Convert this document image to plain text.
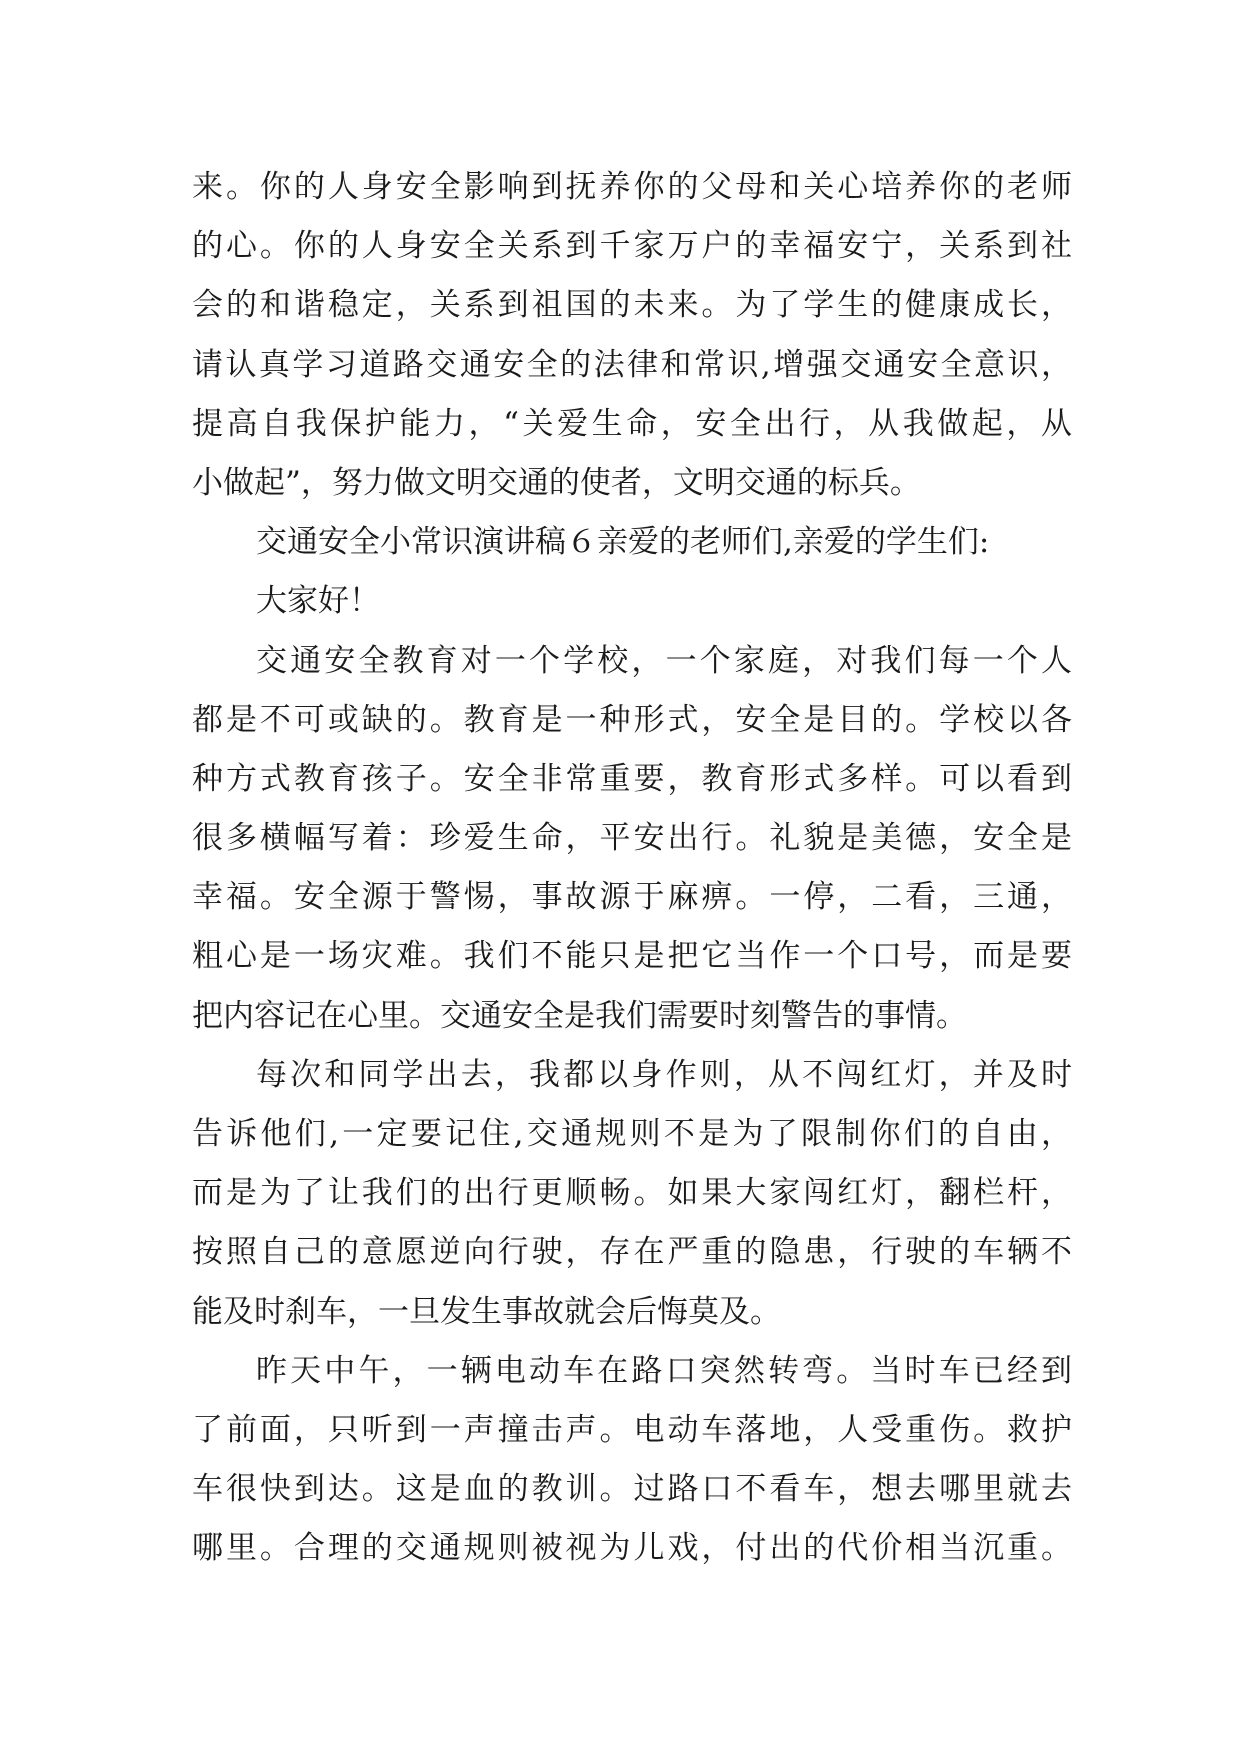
来。你的人身安全影响到抚养你的父母和关心培养你的老师
的心。你的人身安全关系到千家万户的幸福安宁，关系到社
会的和谐稳定，关系到祖国的未来。为了学生的健康成长，
请认真学习道路交通安全的法律和常识,增强交通安全意识，
提高自我保护能力，“关爱生命，安全出行，从我做起，从
小做起”，努力做文明交通的使者，文明交通的标兵。
交通安全小常识演讲稿６亲爱的老师们,亲爱的学生们:
大家好！
交通安全教育对一个学校，一个家庭，对我们每一个人
都是不可或缺的。教育是一种形式，安全是目的。学校以各
种方式教育孩子。安全非常重要，教育形式多样。可以看到
很多横幅写着：珍爱生命，平安出行。礼貌是美德，安全是
幸福。安全源于警惕，事故源于麻痹。一停，二看，三通，
粗心是一场灾难。我们不能只是把它当作一个口号，而是要
把内容记在心里。交通安全是我们需要时刻警告的事情。
每次和同学出去，我都以身作则，从不闯红灯，并及时
告诉他们,一定要记住,交通规则不是为了限制你们的自由，
而是为了让我们的出行更顺畅。如果大家闯红灯，翻栏杆，
按照自己的意愿逆向行驶，存在严重的隐患，行驶的车辆不
能及时刹车，一旦发生事故就会后悔莫及。
昨天中午，一辆电动车在路口突然转弯。当时车已经到
了前面，只听到一声撞击声。电动车落地，人受重伤。救护
车很快到达。这是血的教训。过路口不看车，想去哪里就去
哪里。合理的交通规则被视为儿戏，付出的代价相当沉重。
